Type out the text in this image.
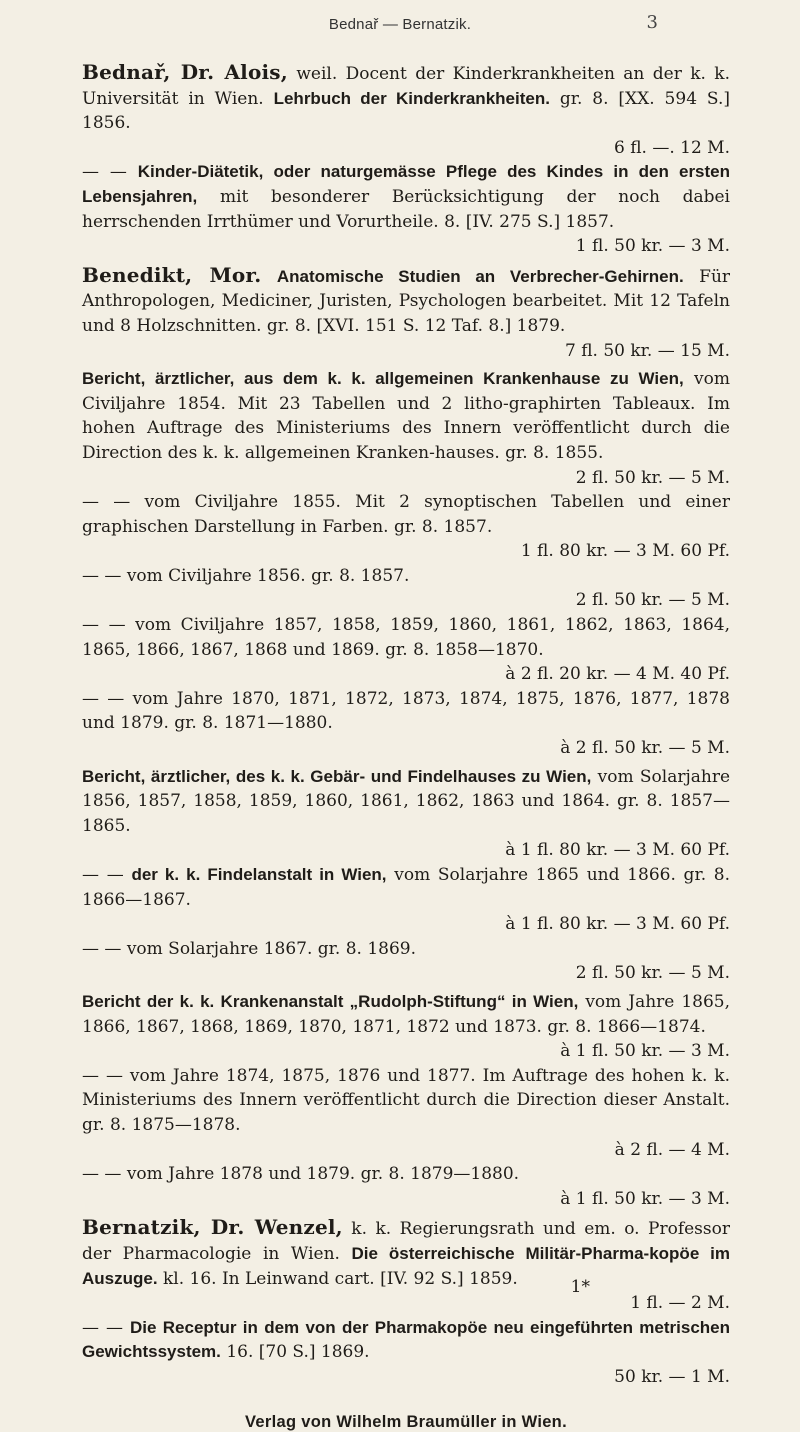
Bednař — Bernatzik.	3

Bednař, Dr. Alois, weil. Docent der Kinderkrankheiten an der k. k. Universität in Wien. Lehrbuch der Kinderkrankheiten. gr. 8. [XX. 594 S.] 1856.
6 fl. —. 12 M.

— — Kinder-Diätetik, oder naturgemässe Pflege des Kindes in den ersten Lebensjahren, mit besonderer Berücksichtigung der noch dabei herrschenden Irrthümer und Vorurtheile. 8. [IV. 275 S.] 1857.
1 fl. 50 kr. — 3 M.

Benedikt, Mor. Anatomische Studien an Verbrecher-Gehirnen. Für Anthropologen, Mediciner, Juristen, Psychologen bearbeitet. Mit 12 Tafeln und 8 Holzschnitten. gr. 8. [XVI. 151 S. 12 Taf. 8.] 1879.
7 fl. 50 kr. — 15 M.

Bericht, ärztlicher, aus dem k. k. allgemeinen Krankenhause zu Wien, vom Civiljahre 1854. Mit 23 Tabellen und 2 litho-graphirten Tableaux. Im hohen Auftrage des Ministeriums des Innern veröffentlicht durch die Direction des k. k. allgemeinen Kranken-hauses. gr. 8. 1855.
2 fl. 50 kr. — 5 M.

— — vom Civiljahre 1855. Mit 2 synoptischen Tabellen und einer graphischen Darstellung in Farben. gr. 8. 1857.
1 fl. 80 kr. — 3 M. 60 Pf.

— — vom Civiljahre 1856. gr. 8. 1857.
2 fl. 50 kr. — 5 M.

— — vom Civiljahre 1857, 1858, 1859, 1860, 1861, 1862, 1863, 1864, 1865, 1866, 1867, 1868 und 1869. gr. 8. 1858—1870.
à 2 fl. 20 kr. — 4 M. 40 Pf.

— — vom Jahre 1870, 1871, 1872, 1873, 1874, 1875, 1876, 1877, 1878 und 1879. gr. 8. 1871—1880.
à 2 fl. 50 kr. — 5 M.

Bericht, ärztlicher, des k. k. Gebär- und Findelhauses zu Wien, vom Solarjahre 1856, 1857, 1858, 1859, 1860, 1861, 1862, 1863 und 1864. gr. 8. 1857—1865.
à 1 fl. 80 kr. — 3 M. 60 Pf.

— — der k. k. Findelanstalt in Wien, vom Solarjahre 1865 und 1866. gr. 8. 1866—1867.
à 1 fl. 80 kr. — 3 M. 60 Pf.

— — vom Solarjahre 1867. gr. 8. 1869.
2 fl. 50 kr. — 5 M.

Bericht der k. k. Krankenanstalt „Rudolph-Stiftung“ in Wien, vom Jahre 1865, 1866, 1867, 1868, 1869, 1870, 1871, 1872 und 1873. gr. 8. 1866—1874.
à 1 fl. 50 kr. — 3 M.

— — vom Jahre 1874, 1875, 1876 und 1877. Im Auftrage des hohen k. k. Ministeriums des Innern veröffentlicht durch die Direction dieser Anstalt. gr. 8. 1875—1878.
à 2 fl. — 4 M.

— — vom Jahre 1878 und 1879. gr. 8. 1879—1880.
à 1 fl. 50 kr. — 3 M.

Bernatzik, Dr. Wenzel, k. k. Regierungsrath und em. o. Professor der Pharmacologie in Wien. Die österreichische Militär-Pharma-kopöe im Auszuge. kl. 16. In Leinwand cart. [IV. 92 S.] 1859.
1 fl. — 2 M.

— — Die Receptur in dem von der Pharmakopöe neu eingeführten metrischen Gewichtssystem. 16. [70 S.] 1869.
50 kr. — 1 M.

Verlag von Wilhelm Braumüller in Wien.
1*
